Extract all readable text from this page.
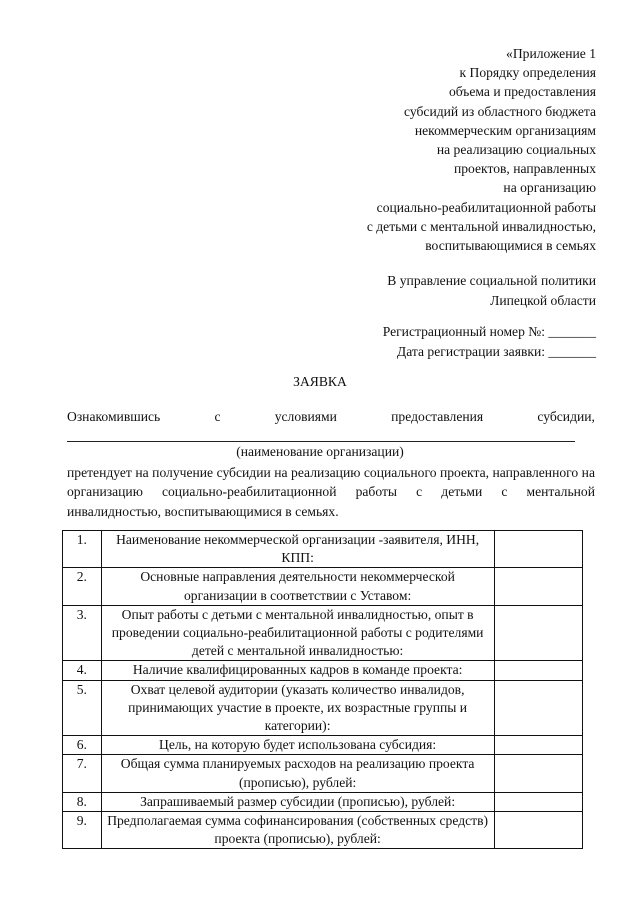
«Приложение 1
к Порядку определения
объема и предоставления
субсидий из областного бюджета
некоммерческим организациям
на реализацию социальных
проектов, направленных
на организацию
социально-реабилитационной работы
с детьми с ментальной инвалидностью,
воспитывающимися в семьях
В управление социальной политики
Липецкой области
Регистрационный номер №: _______
Дата регистрации заявки: _______
ЗАЯВКА
Ознакомившись	с	условиями	предоставления	субсидии,
(наименование организации)
претендует на получение субсидии на реализацию социального проекта, направленного на организацию социально-реабилитационной работы с детьми с ментальной инвалидностью, воспитывающимися в семьях.
1.	Наименование некоммерческой организации -заявителя, ИНН, КПП:	
2.	Основные направления деятельности некоммерческой организации в соответствии с Уставом:	
3.	Опыт работы с детьми с ментальной инвалидностью, опыт в проведении социально-реабилитационной работы с родителями детей с ментальной инвалидностью:	
4.	Наличие квалифицированных кадров в команде проекта:	
5.	Охват целевой аудитории (указать количество инвалидов, принимающих участие в проекте, их возрастные группы и категории):	
6.	Цель, на которую будет использована субсидия:	
7.	Общая сумма планируемых расходов на реализацию проекта (прописью), рублей:	
8.	Запрашиваемый размер субсидии (прописью), рублей:	
9.	Предполагаемая сумма софинансирования (собственных средств) проекта (прописью), рублей:	
